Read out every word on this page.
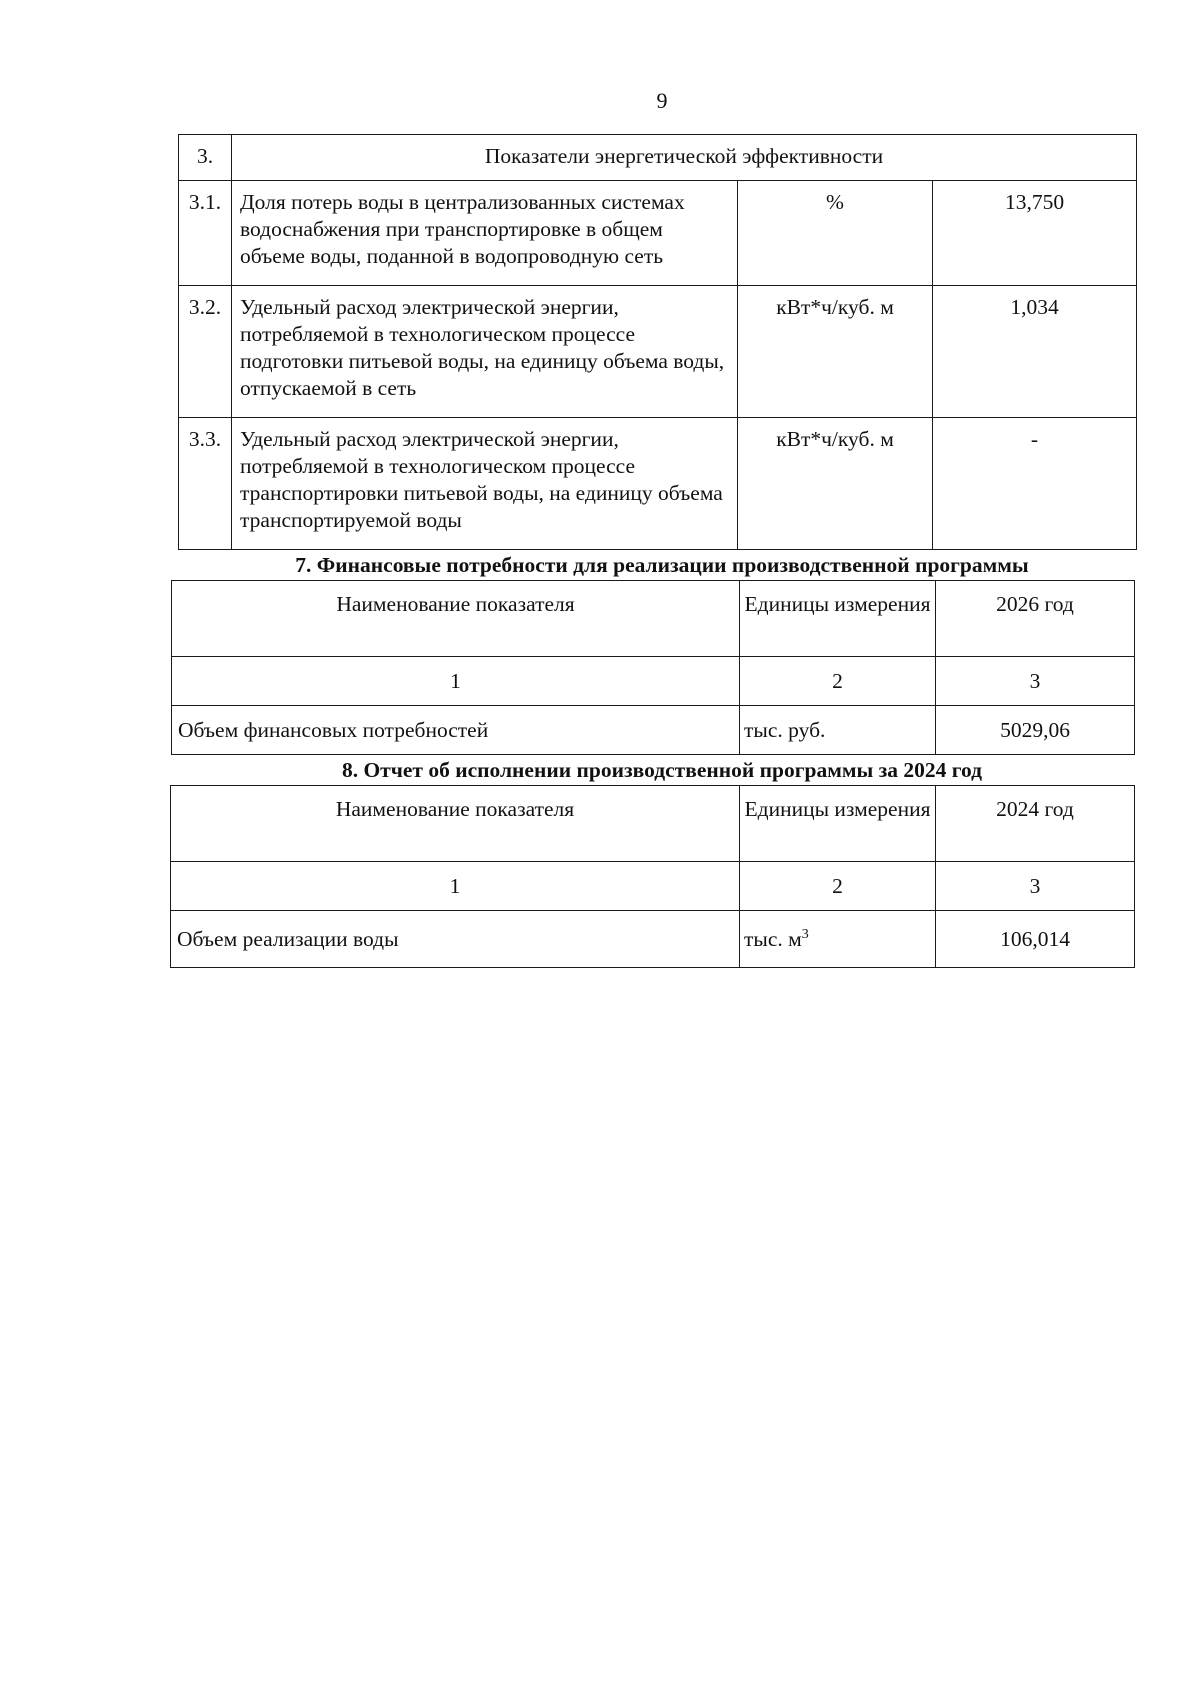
9
3.	Показатели энергетической эффективности		
3.1.	Доля потерь воды в централизованных системах водоснабжения при транспортировке в общем объеме воды, поданной в водопроводную сеть	%	13,750
3.2.	Удельный расход электрической энергии, потребляемой в технологическом процессе подготовки питьевой воды, на единицу объема воды, отпускаемой в сеть	кВт*ч/куб. м	1,034
3.3.	Удельный расход электрической энергии, потребляемой в технологическом процессе транспортировки питьевой воды, на единицу объема транспортируемой воды	кВт*ч/куб. м	-
7. Финансовые потребности для реализации производственной программы
Наименование показателя	Единицы измерения	2026 год
1	2	3
Объем финансовых потребностей	тыс. руб.	5029,06
8. Отчет об исполнении производственной программы за 2024 год
Наименование показателя	Единицы измерения	2024 год
1	2	3
Объем реализации воды	тыс. $м^3$	106,014
